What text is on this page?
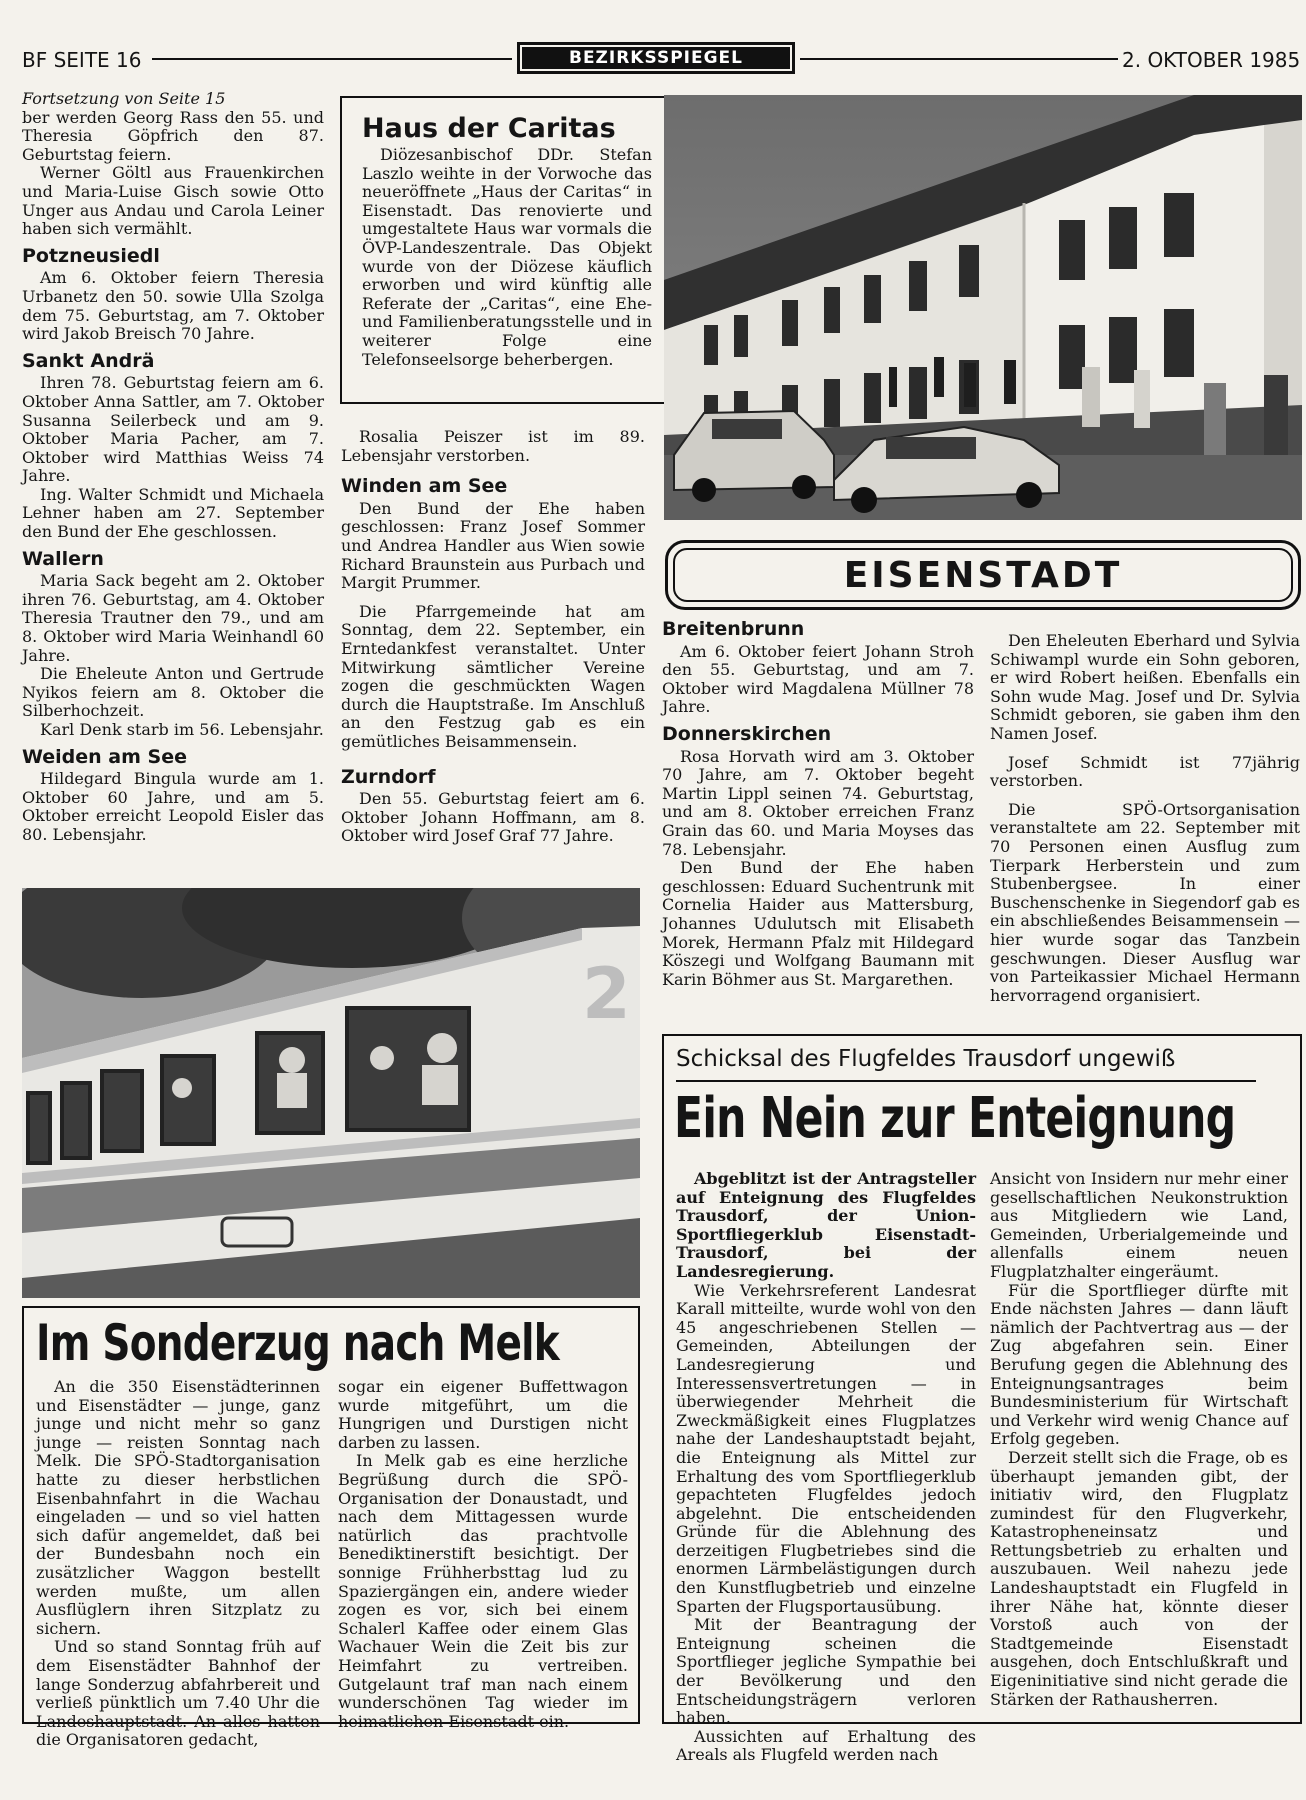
BF SEITE 16	BEZIRKSSPIEGEL	2. OKTOBER 1985

Fortsetzung von Seite 15

ber werden Georg Rass den 55. und Theresia Göpfrich den 87. Geburtstag feiern.

Werner Göltl aus Frauenkirchen und Maria-Luise Gisch sowie Otto Unger aus Andau und Carola Leiner haben sich vermählt.

Potzneusiedl

Am 6. Oktober feiern Theresia Urbanetz den 50. sowie Ulla Szolga dem 75. Geburtstag, am 7. Oktober wird Jakob Breisch 70 Jahre.

Sankt Andrä

Ihren 78. Geburtstag feiern am 6. Oktober Anna Sattler, am 7. Oktober Susanna Seilerbeck und am 9. Oktober Maria Pacher, am 7. Oktober wird Matthias Weiss 74 Jahre.

Ing. Walter Schmidt und Michaela Lehner haben am 27. September den Bund der Ehe geschlossen.

Wallern

Maria Sack begeht am 2. Oktober ihren 76. Geburtstag, am 4. Oktober Theresia Trautner den 79., und am 8. Oktober wird Maria Weinhandl 60 Jahre.

Die Eheleute Anton und Gertrude Nyikos feiern am 8. Oktober die Silberhochzeit.

Karl Denk starb im 56. Lebensjahr.

Weiden am See

Hildegard Bingula wurde am 1. Oktober 60 Jahre, und am 5. Oktober erreicht Leopold Eisler das 80. Lebensjahr.

Haus der Caritas

Diözesanbischof DDr. Stefan Laszlo weihte in der Vorwoche das neueröffnete „Haus der Caritas“ in Eisenstadt. Das renovierte und umgestaltete Haus war vormals die ÖVP-Landeszentrale. Das Objekt wurde von der Diözese käuflich erworben und wird künftig alle Referate der „Caritas“, eine Ehe- und Familienberatungsstelle und in weiterer Folge eine Telefonseelsorge beherbergen.

Rosalia Peiszer ist im 89. Lebensjahr verstorben.

Winden am See

Den Bund der Ehe haben geschlossen: Franz Josef Sommer und Andrea Handler aus Wien sowie Richard Braunstein aus Purbach und Margit Prummer.

Die Pfarrgemeinde hat am Sonntag, dem 22. September, ein Erntedankfest veranstaltet. Unter Mitwirkung sämtlicher Vereine zogen die geschmückten Wagen durch die Hauptstraße. Im Anschluß an den Festzug gab es ein gemütliches Beisammensein.

Zurndorf

Den 55. Geburtstag feiert am 6. Oktober Johann Hoffmann, am 8. Oktober wird Josef Graf 77 Jahre.

EISENSTADT
Breitenbrunn

Am 6. Oktober feiert Johann Stroh den 55. Geburtstag, und am 7. Oktober wird Magdalena Müllner 78 Jahre.

Donnerskirchen

Rosa Horvath wird am 3. Oktober 70 Jahre, am 7. Oktober begeht Martin Lippl seinen 74. Geburtstag, und am 8. Oktober erreichen Franz Grain das 60. und Maria Moyses das 78. Lebensjahr.

Den Bund der Ehe haben geschlossen: Eduard Suchentrunk mit Cornelia Haider aus Mattersburg, Johannes Udulutsch mit Elisabeth Morek, Hermann Pfalz mit Hildegard Köszegi und Wolfgang Baumann mit Karin Böhmer aus St. Margarethen.

Den Eheleuten Eberhard und Sylvia Schiwampl wurde ein Sohn geboren, er wird Robert heißen. Ebenfalls ein Sohn wude Mag. Josef und Dr. Sylvia Schmidt geboren, sie gaben ihm den Namen Josef.

Josef Schmidt ist 77jährig verstorben.

Die SPÖ-Ortsorganisation veranstaltete am 22. September mit 70 Personen einen Ausflug zum Tierpark Herberstein und zum Stubenbergsee. In einer Buschenschenke in Siegendorf gab es ein abschließendes Beisammensein — hier wurde sogar das Tanzbein geschwungen. Dieser Ausflug war von Parteikassier Michael Hermann hervorragend organisiert.

2
Im Sonderzug nach Melk

An die 350 Eisenstädterinnen und Eisenstädter — junge, ganz junge und nicht mehr so ganz junge — reisten Sonntag nach Melk. Die SPÖ-Stadtorganisation hatte zu dieser herbstlichen Eisenbahnfahrt in die Wachau eingeladen — und so viel hatten sich dafür angemeldet, daß bei der Bundesbahn noch ein zusätzlicher Waggon bestellt werden mußte, um allen Ausflüglern ihren Sitzplatz zu sichern.

Und so stand Sonntag früh auf dem Eisenstädter Bahnhof der lange Sonderzug abfahrbereit und verließ pünktlich um 7.40 Uhr die Landeshauptstadt. An alles hatten die Organisatoren gedacht,

sogar ein eigener Buffettwagon wurde mitgeführt, um die Hungrigen und Durstigen nicht darben zu lassen.

In Melk gab es eine herzliche Begrüßung durch die SPÖ-Organisation der Donaustadt, und nach dem Mittagessen wurde natürlich das prachtvolle Benediktinerstift besichtigt. Der sonnige Frühherbsttag lud zu Spaziergängen ein, andere wieder zogen es vor, sich bei einem Schalerl Kaffee oder einem Glas Wachauer Wein die Zeit bis zur Heimfahrt zu vertreiben. Gutgelaunt traf man nach einem wunderschönen Tag wieder im heimatlichen Eisenstadt ein.

Schicksal des Flugfeldes Trausdorf ungewiß
Ein Nein zur Enteignung

Abgeblitzt ist der Antragsteller auf Enteignung des Flugfeldes Trausdorf, der Union-Sportfliegerklub Eisenstadt-Trausdorf, bei der Landesregierung.

Wie Verkehrsreferent Landesrat Karall mitteilte, wurde wohl von den 45 angeschriebenen Stellen — Gemeinden, Abteilungen der Landesregierung und Interessensvertretungen — in überwiegender Mehrheit die Zweckmäßigkeit eines Flugplatzes nahe der Landeshauptstadt bejaht, die Enteignung als Mittel zur Erhaltung des vom Sportfliegerklub gepachteten Flugfeldes jedoch abgelehnt. Die entscheidenden Gründe für die Ablehnung des derzeitigen Flugbetriebes sind die enormen Lärmbelästigungen durch den Kunstflugbetrieb und einzelne Sparten der Flugsportausübung.

Mit der Beantragung der Enteignung scheinen die Sportflieger jegliche Sympathie bei der Bevölkerung und den Entscheidungsträgern verloren haben.

Aussichten auf Erhaltung des Areals als Flugfeld werden nach

Ansicht von Insidern nur mehr einer gesellschaftlichen Neukonstruktion aus Mitgliedern wie Land, Gemeinden, Urberialgemeinde und allenfalls einem neuen Flugplatzhalter eingeräumt.

Für die Sportflieger dürfte mit Ende nächsten Jahres — dann läuft nämlich der Pachtvertrag aus — der Zug abgefahren sein. Einer Berufung gegen die Ablehnung des Enteignungsantrages beim Bundesministerium für Wirtschaft und Verkehr wird wenig Chance auf Erfolg gegeben.

Derzeit stellt sich die Frage, ob es überhaupt jemanden gibt, der initiativ wird, den Flugplatz zumindest für den Flugverkehr, Katastropheneinsatz und Rettungsbetrieb zu erhalten und auszubauen. Weil nahezu jede Landeshauptstadt ein Flugfeld in ihrer Nähe hat, könnte dieser Vorstoß auch von der Stadtgemeinde Eisenstadt ausgehen, doch Entschlußkraft und Eigeninitiative sind nicht gerade die Stärken der Rathausherren.
